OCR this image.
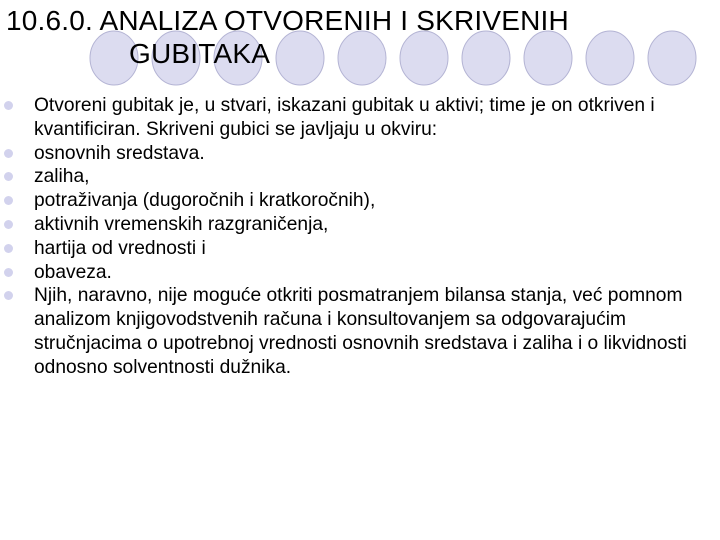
10.6.0. ANALIZA OTVORENIH I SKRIVENIH
GUBITAKA
Otvoreni gubitak je, u stvari, iskazani gubitak u aktivi; time je on otkriven i kvantificiran. Skriveni gubici se javljaju u okviru:
osnovnih sredstava.
zaliha,
potraživanja (dugoročnih i kratkoročnih),
aktivnih vremenskih razgraničenja,
hartija od vrednosti i
obaveza.
Njih, naravno, nije moguće otkriti posmatranjem bilansa stanja, već pomnom analizom knjigovodstvenih računa i konsultovanjem sa odgovarajućim stručnjacima o upotrebnoj vrednosti osnovnih sredstava i zaliha i o likvidnosti odnosno solventnosti dužnika.
